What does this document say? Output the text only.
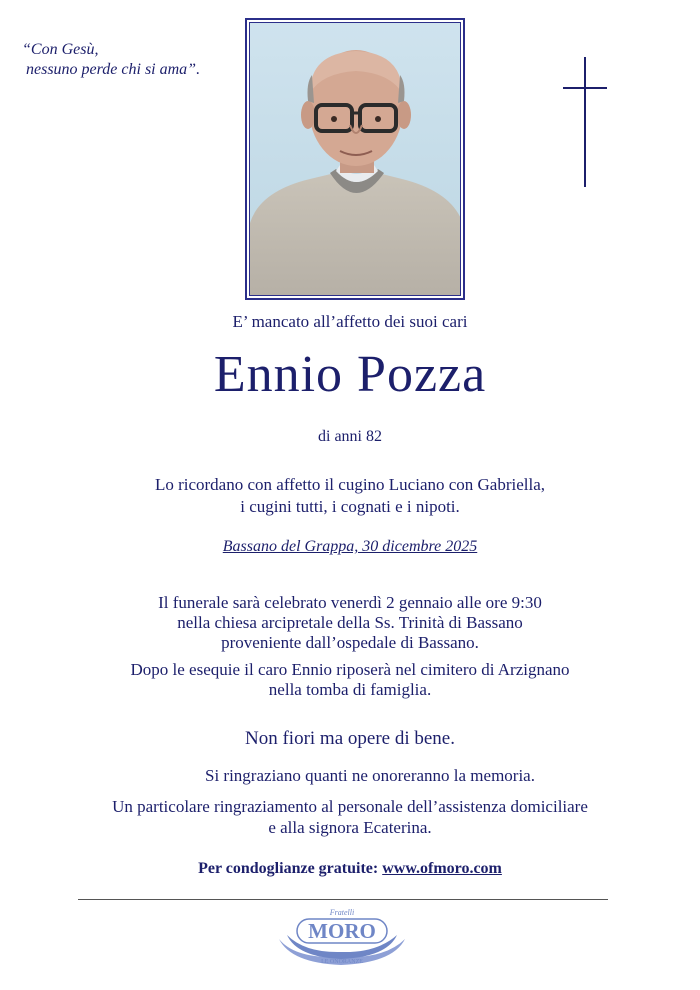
“Con Gesù,
nessuno perde chi si ama”.
E’ mancato all’affetto dei suoi cari
Ennio Pozza
di anni 82
Lo ricordano con affetto il cugino Luciano con Gabriella,
i cugini tutti, i cognati e i nipoti.
Bassano del Grappa, 30 dicembre 2025
Il funerale sarà celebrato venerdì 2 gennaio alle ore 9:30
nella chiesa arcipretale della Ss. Trinità di Bassano
proveniente dall’ospedale di Bassano.
Dopo le esequie il caro Ennio riposerà nel cimitero di Arzignano
nella tomba di famiglia.
Non fiori ma opere di bene.
Si ringraziano quanti ne onoreranno la memoria.
Un particolare ringraziamento al personale dell’assistenza domiciliare
e alla signora Ecaterina.
Per condoglianze gratuite: www.ofmoro.com
Fratelli
MORO
LE ONORANZE
